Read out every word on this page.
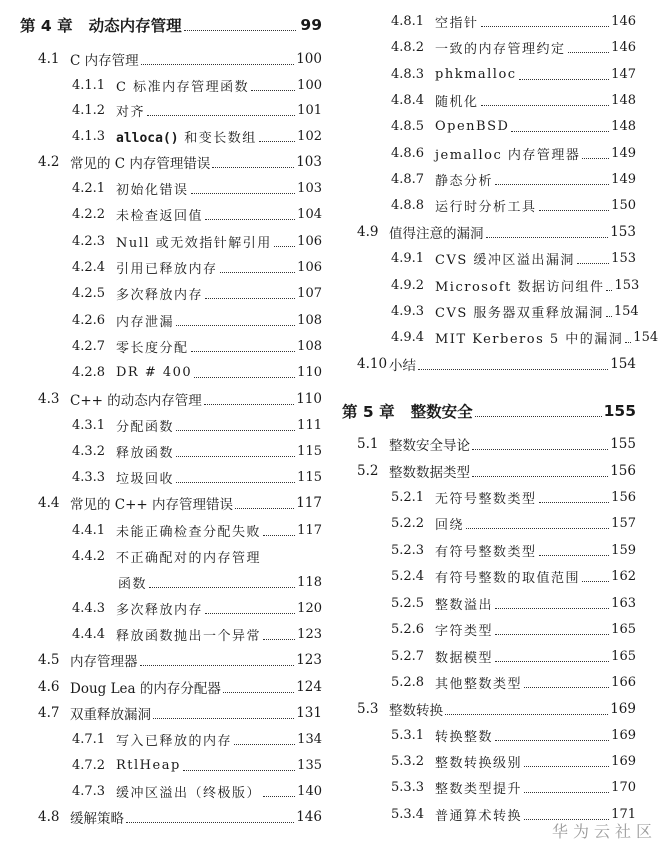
第 4 章 动态内存管理	99
4.1 C 内存管理	100
4.1.1 C 标准内存管理函数	100
4.1.2 对齐	101
4.1.3 alloca() 和变长数组	102
4.2 常见的 C 内存管理错误	103
4.2.1 初始化错误	103
4.2.2 未检查返回值	104
4.2.3 Null 或无效指针解引用 106
4.2.4 引用已释放内存	106
4.2.5 多次释放内存	107
4.2.6 内存泄漏	108
4.2.7 零长度分配	108
4.2.8 DR # 400	110
4.3 C++ 的动态内存管理	110
4.3.1 分配函数	111
4.3.2 释放函数	115
4.3.3 垃圾回收	115
4.4 常见的 C++ 内存管理错误	117
4.4.1 未能正确检查分配失败	117
4.4.2 不正确配对的内存管理
函数	118
4.4.3 多次释放内存	120
4.4.4 释放函数抛出一个异常	123
4.5 内存管理器	123
4.6 Doug Lea 的内存分配器	124
4.7 双重释放漏洞	131
4.7.1 写入已释放的内存	134
4.7.2 RtlHeap	135
4.7.3 缓冲区溢出（终极版）	140
4.8 缓解策略	146
4.8.1 空指针	146
4.8.2 一致的内存管理约定	146
4.8.3 phkmalloc	147
4.8.4 随机化	148
4.8.5 OpenBSD	148
4.8.6 jemalloc 内存管理器 149
4.8.7 静态分析	149
4.8.8 运行时分析工具	150
4.9 值得注意的漏洞	153
4.9.1 CVS 缓冲区溢出漏洞	153
4.9.2 Microsoft 数据访问组件 153
4.9.3 CVS 服务器双重释放漏洞 154
4.9.4 MIT Kerberos 5 中的漏洞 154
4.10 小结	154
第 5 章 整数安全	155
5.1 整数安全导论	155
5.2 整数数据类型	156
5.2.1 无符号整数类型	156
5.2.2 回绕	157
5.2.3 有符号整数类型	159
5.2.4 有符号整数的取值范围 162
5.2.5 整数溢出	163
5.2.6 字符类型	165
5.2.7 数据模型	165
5.2.8 其他整数类型	166
5.3 整数转换	169
5.3.1 转换整数	169
5.3.2 整数转换级别	169
5.3.3 整数类型提升	170
5.3.4 普通算术转换	171
华为云社区
